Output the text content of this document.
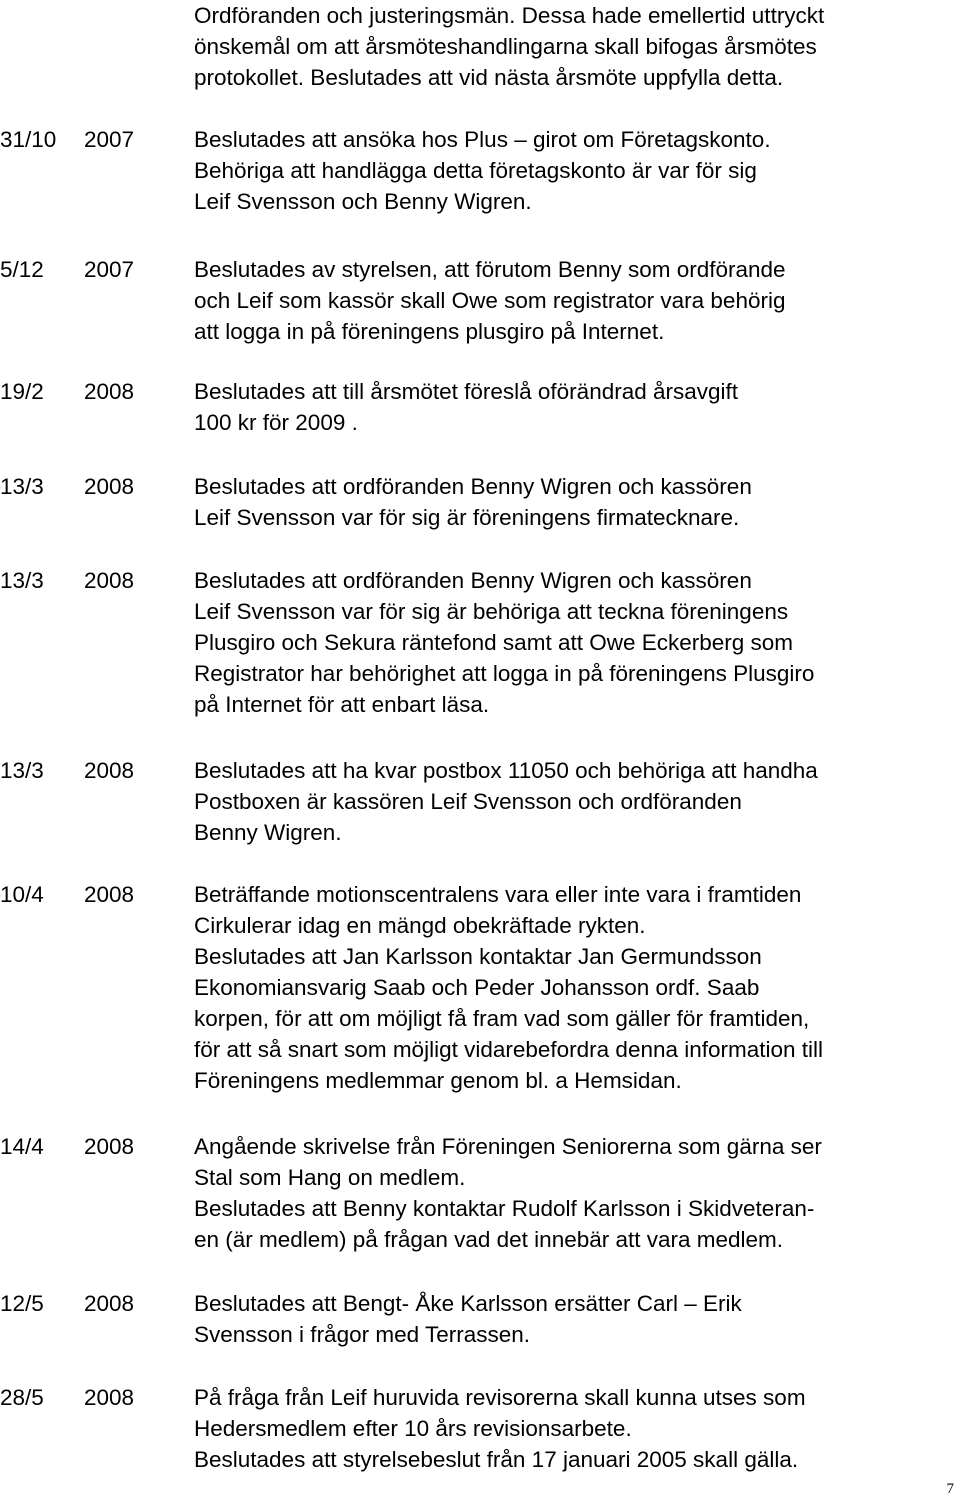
Ordföranden och justeringsmän. Dessa hade emellertid uttryckt
önskemål om att årsmöteshandlingarna skall bifogas årsmötes
protokollet. Beslutades att vid nästa årsmöte uppfylla detta.
31/10 2007	Beslutades att ansöka hos Plus – girot om Företagskonto.
Behöriga att handlägga detta företagskonto är var för sig
Leif Svensson och Benny Wigren.
5/12 2007	Beslutades av styrelsen, att förutom Benny som ordförande
och Leif som kassör skall Owe som registrator vara behörig
att logga in på föreningens plusgiro på Internet.
19/2 2008	Beslutades att till årsmötet föreslå oförändrad årsavgift
100 kr för 2009 .
13/3 2008	Beslutades att ordföranden Benny Wigren och kassören
Leif Svensson var för sig är föreningens firmatecknare.
13/3 2008	Beslutades att ordföranden Benny Wigren och kassören
Leif Svensson var för sig är behöriga att teckna föreningens
Plusgiro och Sekura räntefond samt att Owe Eckerberg som
Registrator har behörighet att logga in på föreningens Plusgiro
på Internet för att enbart läsa.
13/3 2008	Beslutades att ha kvar postbox 11050 och behöriga att handha
Postboxen är kassören Leif Svensson och ordföranden
Benny Wigren.
10/4 2008	Beträffande motionscentralens vara eller inte vara i framtiden
Cirkulerar idag en mängd obekräftade rykten.
Beslutades att Jan Karlsson kontaktar Jan Germundsson
Ekonomiansvarig Saab och Peder Johansson ordf. Saab
korpen, för att om möjligt få fram vad som gäller för framtiden,
för att så snart som möjligt vidarebefordra denna information till
Föreningens medlemmar genom bl. a Hemsidan.
14/4 2008	Angående skrivelse från Föreningen Seniorerna som gärna ser
Stal som Hang on medlem.
Beslutades att Benny kontaktar Rudolf Karlsson i Skidveteran-
en (är medlem) på frågan vad det innebär att vara medlem.
12/5 2008	Beslutades att Bengt- Åke Karlsson ersätter Carl – Erik
Svensson i frågor med Terrassen.
28/5 2008	På fråga från Leif huruvida revisorerna skall kunna utses som
Hedersmedlem efter 10 års revisionsarbete.
Beslutades att styrelsebeslut från 17 januari 2005 skall gälla.
7
